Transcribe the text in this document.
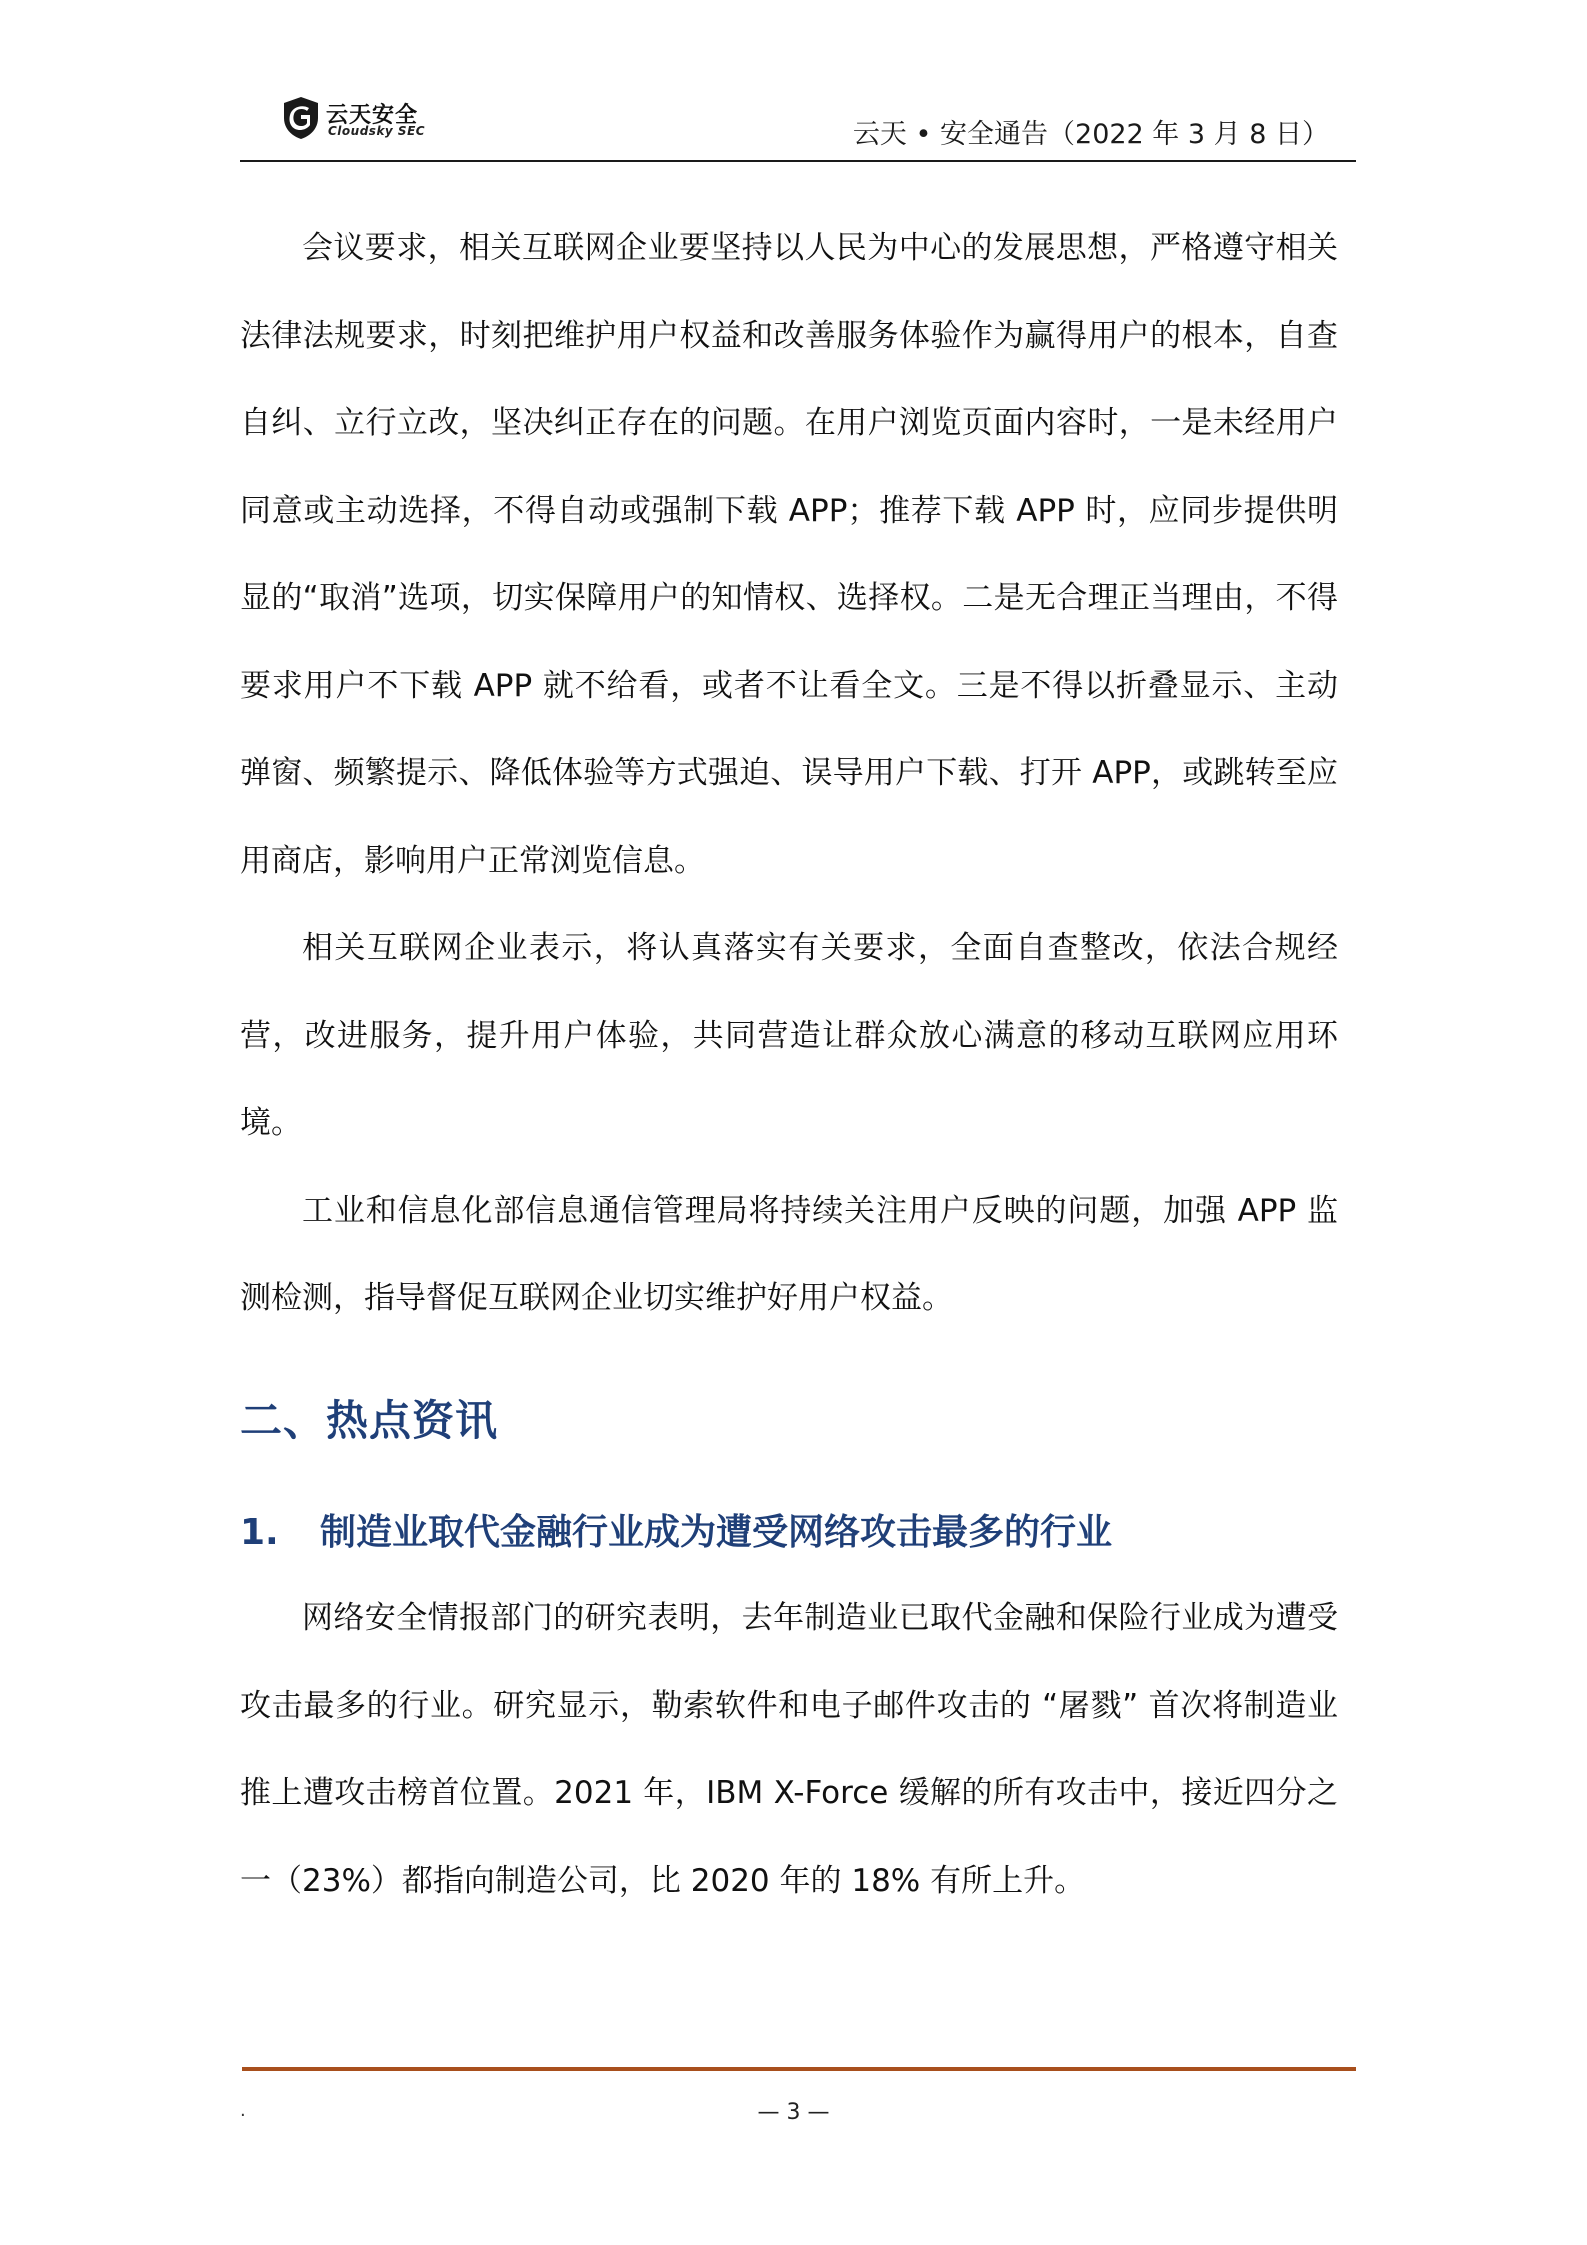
云天安全
Cloudsky SEC	云天 • 安全通告（2022 年 3 月 8 日）

会议要求，相关互联网企业要坚持以人民为中心的发展思想，严格遵守相关法律法规要求，时刻把维护用户权益和改善服务体验作为赢得用户的根本，自查自纠、立行立改，坚决纠正存在的问题。在用户浏览页面内容时，一是未经用户同意或主动选择，不得自动或强制下载 APP；推荐下载 APP 时，应同步提供明显的“取消”选项，切实保障用户的知情权、选择权。二是无合理正当理由，不得要求用户不下载 APP 就不给看，或者不让看全文。三是不得以折叠显示、主动弹窗、频繁提示、降低体验等方式强迫、误导用户下载、打开 APP，或跳转至应用商店，影响用户正常浏览信息。

相关互联网企业表示，将认真落实有关要求，全面自查整改，依法合规经营，改进服务，提升用户体验，共同营造让群众放心满意的移动互联网应用环境。

工业和信息化部信息通信管理局将持续关注用户反映的问题，加强 APP 监测检测，指导督促互联网企业切实维护好用户权益。

二、热点资讯
1. 制造业取代金融行业成为遭受网络攻击最多的行业

网络安全情报部门的研究表明，去年制造业已取代金融和保险行业成为遭受攻击最多的行业。研究显示，勒索软件和电子邮件攻击的 “屠戮” 首次将制造业推上遭攻击榜首位置。2021 年，IBM X-Force 缓解的所有攻击中，接近四分之一（23%）都指向制造公司，比 2020 年的 18% 有所上升。

.	— 3 —
